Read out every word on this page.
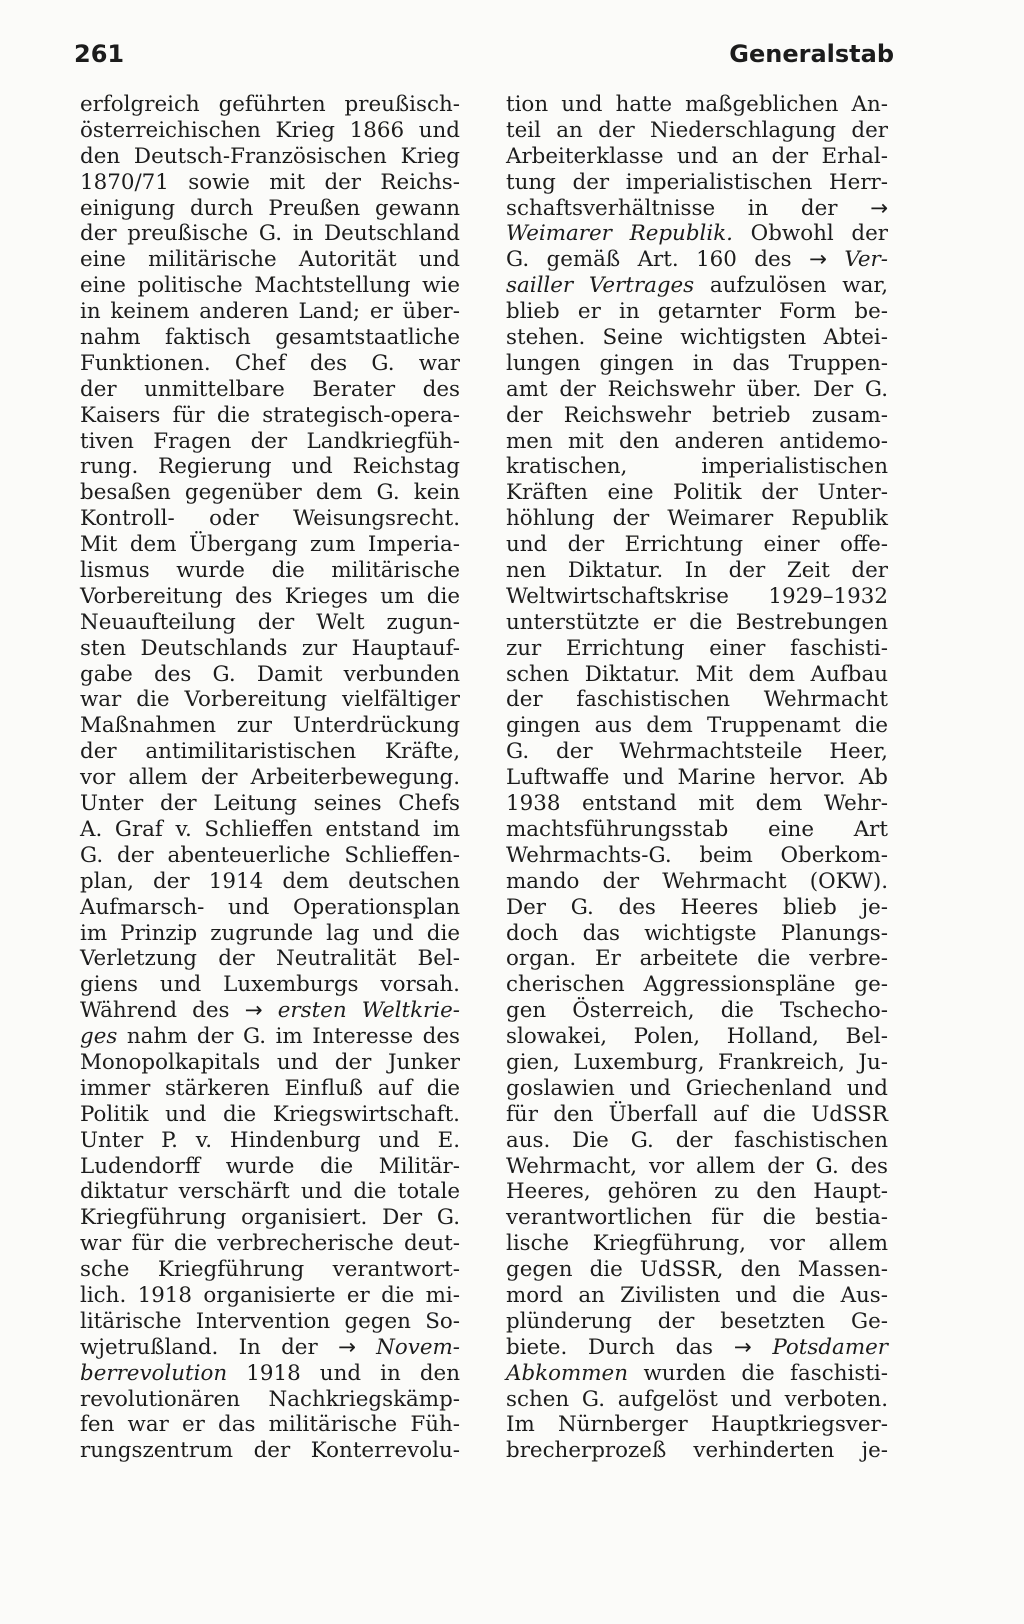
261	Generalstab
erfolgreich geführten preußisch-
österreichischen Krieg 1866 und
den Deutsch-Französischen Krieg
1870/71 sowie mit der Reichs-
einigung durch Preußen gewann
der preußische G. in Deutschland
eine militärische Autorität und
eine politische Machtstellung wie
in keinem anderen Land; er über-
nahm faktisch gesamtstaatliche
Funktionen. Chef des G. war
der unmittelbare Berater des
Kaisers für die strategisch-opera-
tiven Fragen der Landkriegfüh-
rung. Regierung und Reichstag
besaßen gegenüber dem G. kein
Kontroll- oder Weisungsrecht.
Mit dem Übergang zum Imperia-
lismus wurde die militärische
Vorbereitung des Krieges um die
Neuaufteilung der Welt zugun-
sten Deutschlands zur Hauptauf-
gabe des G. Damit verbunden
war die Vorbereitung vielfältiger
Maßnahmen zur Unterdrückung
der antimilitaristischen Kräfte,
vor allem der Arbeiterbewegung.
Unter der Leitung seines Chefs
A. Graf v. Schlieffen entstand im
G. der abenteuerliche Schlieffen-
plan, der 1914 dem deutschen
Aufmarsch- und Operationsplan
im Prinzip zugrunde lag und die
Verletzung der Neutralität Bel-
giens und Luxemburgs vorsah.
Während des → ersten Weltkrie-
ges nahm der G. im Interesse des
Monopolkapitals und der Junker
immer stärkeren Einfluß auf die
Politik und die Kriegswirtschaft.
Unter P. v. Hindenburg und E.
Ludendorff wurde die Militär-
diktatur verschärft und die totale
Kriegführung organisiert. Der G.
war für die verbrecherische deut-
sche Kriegführung verantwort-
lich. 1918 organisierte er die mi-
litärische Intervention gegen So-
wjetrußland. In der → Novem-
berrevolution 1918 und in den
revolutionären Nachkriegskämp-
fen war er das militärische Füh-
rungszentrum der Konterrevolu-
tion und hatte maßgeblichen An-
teil an der Niederschlagung der
Arbeiterklasse und an der Erhal-
tung der imperialistischen Herr-
schaftsverhältnisse in der →
Weimarer Republik. Obwohl der
G. gemäß Art. 160 des → Ver-
sailler Vertrages aufzulösen war,
blieb er in getarnter Form be-
stehen. Seine wichtigsten Abtei-
lungen gingen in das Truppen-
amt der Reichswehr über. Der G.
der Reichswehr betrieb zusam-
men mit den anderen antidemo-
kratischen, imperialistischen
Kräften eine Politik der Unter-
höhlung der Weimarer Republik
und der Errichtung einer offe-
nen Diktatur. In der Zeit der
Weltwirtschaftskrise 1929–1932
unterstützte er die Bestrebungen
zur Errichtung einer faschisti-
schen Diktatur. Mit dem Aufbau
der faschistischen Wehrmacht
gingen aus dem Truppenamt die
G. der Wehrmachtsteile Heer,
Luftwaffe und Marine hervor. Ab
1938 entstand mit dem Wehr-
machtsführungsstab eine Art
Wehrmachts-G. beim Oberkom-
mando der Wehrmacht (OKW).
Der G. des Heeres blieb je-
doch das wichtigste Planungs-
organ. Er arbeitete die verbre-
cherischen Aggressionspläne ge-
gen Österreich, die Tschecho-
slowakei, Polen, Holland, Bel-
gien, Luxemburg, Frankreich, Ju-
goslawien und Griechenland und
für den Überfall auf die UdSSR
aus. Die G. der faschistischen
Wehrmacht, vor allem der G. des
Heeres, gehören zu den Haupt-
verantwortlichen für die bestia-
lische Kriegführung, vor allem
gegen die UdSSR, den Massen-
mord an Zivilisten und die Aus-
plünderung der besetzten Ge-
biete. Durch das → Potsdamer
Abkommen wurden die faschisti-
schen G. aufgelöst und verboten.
Im Nürnberger Hauptkriegsver-
brecherprozeß verhinderten je-
